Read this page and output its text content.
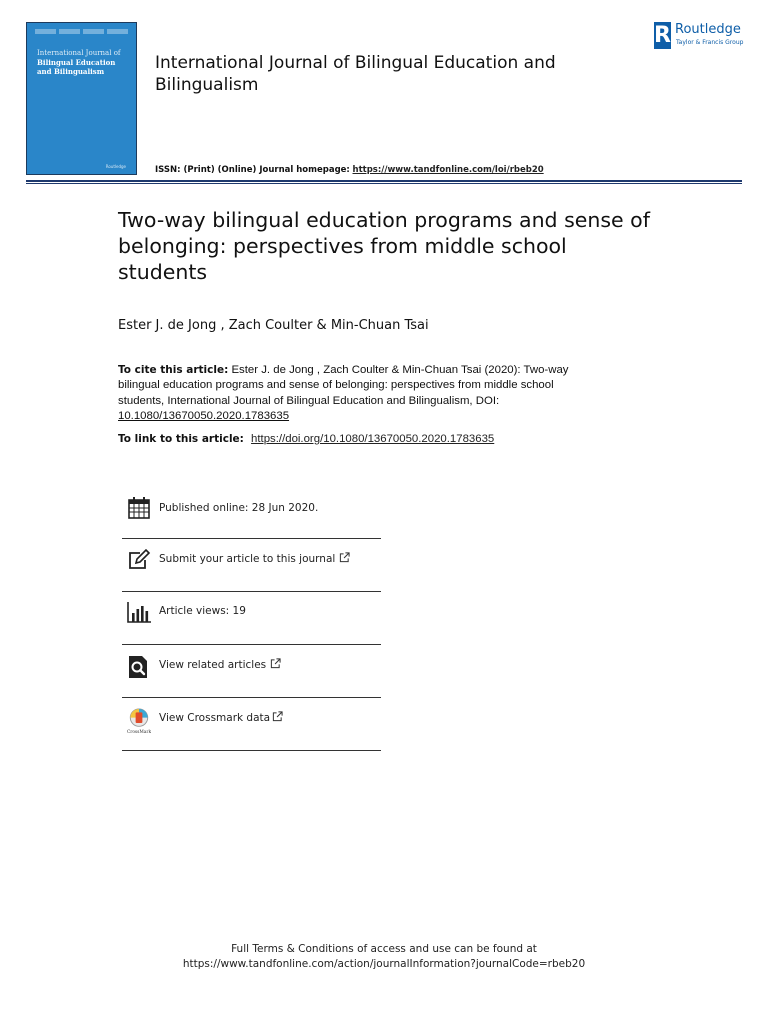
International Journal of
Bilingual Education
and Bilingualism
Routledge
International Journal of Bilingual Education and Bilingualism
R Routledge
Taylor & Francis Group
ISSN: (Print) (Online) Journal homepage: https://www.tandfonline.com/loi/rbeb20
Two-way bilingual education programs and sense of belonging: perspectives from middle school students
Ester J. de Jong , Zach Coulter & Min-Chuan Tsai
To cite this article: Ester J. de Jong , Zach Coulter & Min-Chuan Tsai (2020): Two-way bilingual education programs and sense of belonging: perspectives from middle school students, International Journal of Bilingual Education and Bilingualism, DOI: 10.1080/13670050.2020.1783635
To link to this article: https://doi.org/10.1080/13670050.2020.1783635
Published online: 28 Jun 2020.
Submit your article to this journal
Article views: 19
View related articles
CrossMark
View Crossmark data
Full Terms & Conditions of access and use can be found at
https://www.tandfonline.com/action/journalInformation?journalCode=rbeb20
